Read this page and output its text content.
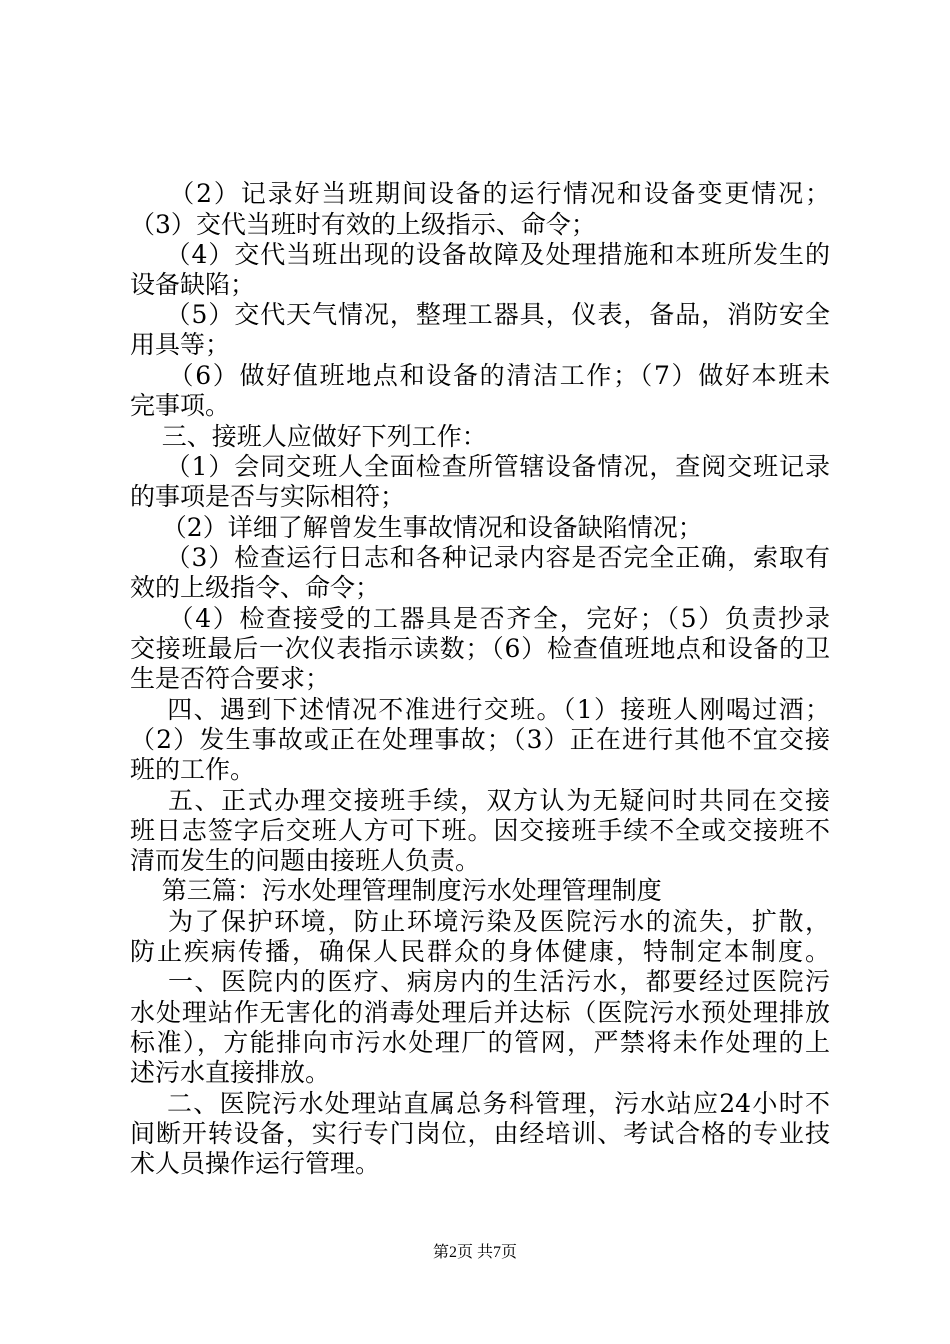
（2）记录好当班期间设备的运行情况和设备变更情况；
（3）交代当班时有效的上级指示、命令；
（4）交代当班出现的设备故障及处理措施和本班所发生的
设备缺陷；
（5）交代天气情况，整理工器具，仪表，备品，消防安全
用具等；
（6）做好值班地点和设备的清洁工作；（7）做好本班未
完事项。
三、接班人应做好下列工作：
（1）会同交班人全面检查所管辖设备情况，查阅交班记录
的事项是否与实际相符；
（2）详细了解曾发生事故情况和设备缺陷情况；
（3）检查运行日志和各种记录内容是否完全正确，索取有
效的上级指令、命令；
（4）检查接受的工器具是否齐全，完好；（5）负责抄录
交接班最后一次仪表指示读数；（6）检查值班地点和设备的卫
生是否符合要求；
四、遇到下述情况不准进行交班。（1）接班人刚喝过酒；
（2）发生事故或正在处理事故；（3）正在进行其他不宜交接
班的工作。
五、正式办理交接班手续，双方认为无疑问时共同在交接
班日志签字后交班人方可下班。因交接班手续不全或交接班不
清而发生的问题由接班人负责。
第三篇：污水处理管理制度污水处理管理制度
为了保护环境，防止环境污染及医院污水的流失，扩散，
防止疾病传播，确保人民群众的身体健康，特制定本制度。
一、医院内的医疗、病房内的生活污水，都要经过医院污
水处理站作无害化的消毒处理后并达标（医院污水预处理排放
标准），方能排向市污水处理厂的管网，严禁将未作处理的上
述污水直接排放。
二、医院污水处理站直属总务科管理，污水站应24小时不
间断开转设备，实行专门岗位，由经培训、考试合格的专业技
术人员操作运行管理。
第2页 共7页
